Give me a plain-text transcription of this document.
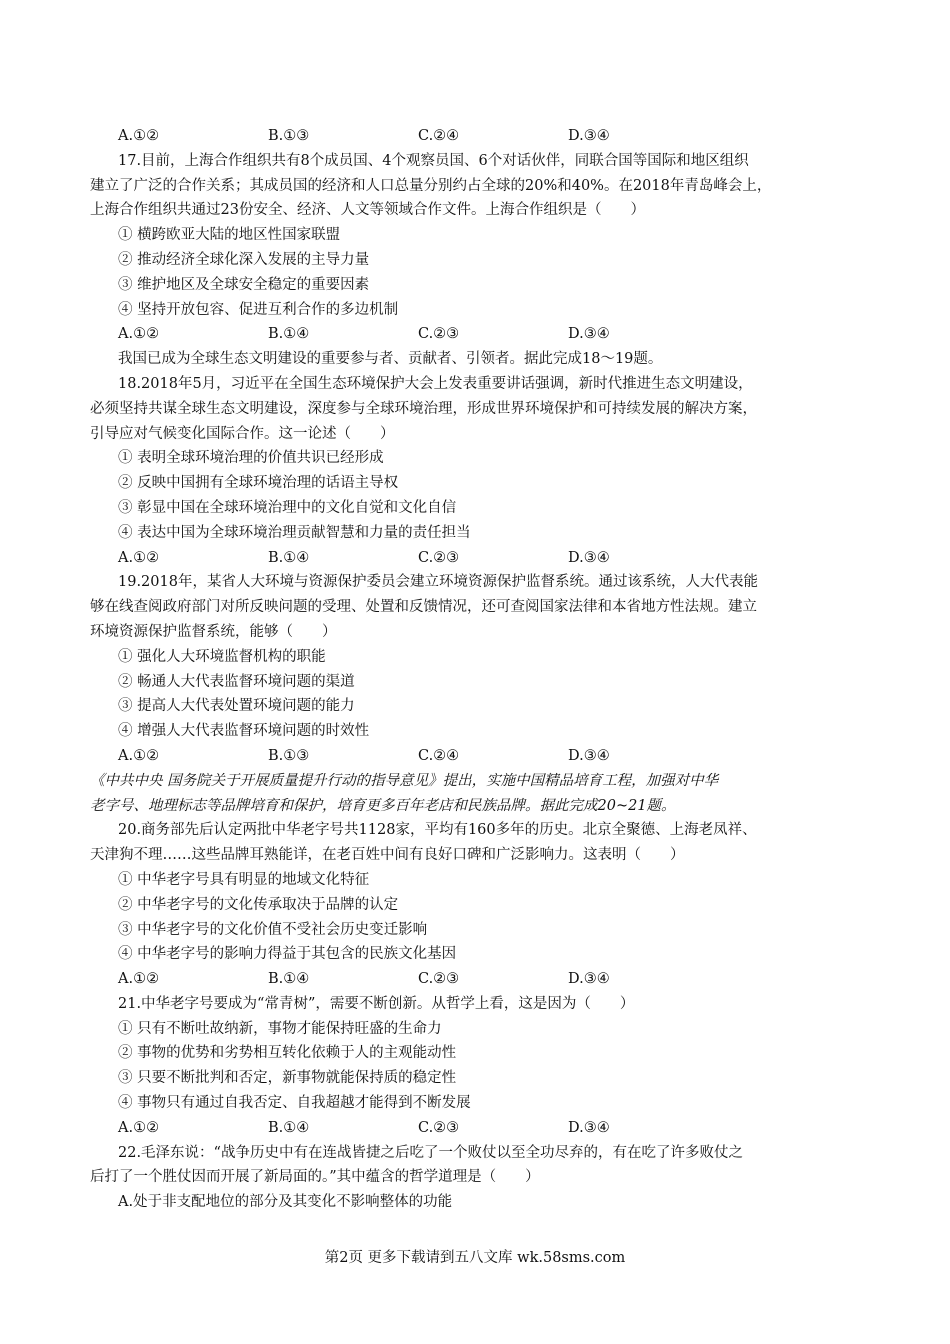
A.①②	B.①③	C.②④	D.③④
17.目前，上海合作组织共有8个成员国、4个观察员国、6个对话伙伴，同联合国等国际和地区组织
建立了广泛的合作关系；其成员国的经济和人口总量分别约占全球的20%和40%。在2018年青岛峰会上，
上海合作组织共通过23份安全、经济、人文等领域合作文件。上海合作组织是（　　）
① 横跨欧亚大陆的地区性国家联盟
② 推动经济全球化深入发展的主导力量
③ 维护地区及全球安全稳定的重要因素
④ 坚持开放包容、促进互利合作的多边机制
A.①②	B.①④	C.②③	D.③④
我国已成为全球生态文明建设的重要参与者、贡献者、引领者。据此完成18～19题。
18.2018年5月，习近平在全国生态环境保护大会上发表重要讲话强调，新时代推进生态文明建设，
必须坚持共谋全球生态文明建设，深度参与全球环境治理，形成世界环境保护和可持续发展的解决方案，
引导应对气候变化国际合作。这一论述（　　）
① 表明全球环境治理的价值共识已经形成
② 反映中国拥有全球环境治理的话语主导权
③ 彰显中国在全球环境治理中的文化自觉和文化自信
④ 表达中国为全球环境治理贡献智慧和力量的责任担当
A.①②	B.①④	C.②③	D.③④
19.2018年，某省人大环境与资源保护委员会建立环境资源保护监督系统。通过该系统，人大代表能
够在线查阅政府部门对所反映问题的受理、处置和反馈情况，还可查阅国家法律和本省地方性法规。建立
环境资源保护监督系统，能够（　　）
① 强化人大环境监督机构的职能
② 畅通人大代表监督环境问题的渠道
③ 提高人大代表处置环境问题的能力
④ 增强人大代表监督环境问题的时效性
A.①②	B.①③	C.②④	D.③④
《中共中央 国务院关于开展质量提升行动的指导意见》提出，实施中国精品培育工程，加强对中华
老字号、地理标志等品牌培育和保护，培育更多百年老店和民族品牌。据此完成20~21题。
20.商务部先后认定两批中华老字号共1128家，平均有160多年的历史。北京全聚德、上海老凤祥、
天津狗不理……这些品牌耳熟能详，在老百姓中间有良好口碑和广泛影响力。这表明（　　）
① 中华老字号具有明显的地域文化特征
② 中华老字号的文化传承取决于品牌的认定
③ 中华老字号的文化价值不受社会历史变迁影响
④ 中华老字号的影响力得益于其包含的民族文化基因
A.①②	B.①④	C.②③	D.③④
21.中华老字号要成为“常青树”，需要不断创新。从哲学上看，这是因为（　　）
① 只有不断吐故纳新，事物才能保持旺盛的生命力
② 事物的优势和劣势相互转化依赖于人的主观能动性
③ 只要不断批判和否定，新事物就能保持质的稳定性
④ 事物只有通过自我否定、自我超越才能得到不断发展
A.①②	B.①④	C.②③	D.③④
22.毛泽东说：“战争历史中有在连战皆捷之后吃了一个败仗以至全功尽弃的，有在吃了许多败仗之
后打了一个胜仗因而开展了新局面的。”其中蕴含的哲学道理是（　　）
A.处于非支配地位的部分及其变化不影响整体的功能
第2页 更多下载请到五八文库 wk.58sms.com
